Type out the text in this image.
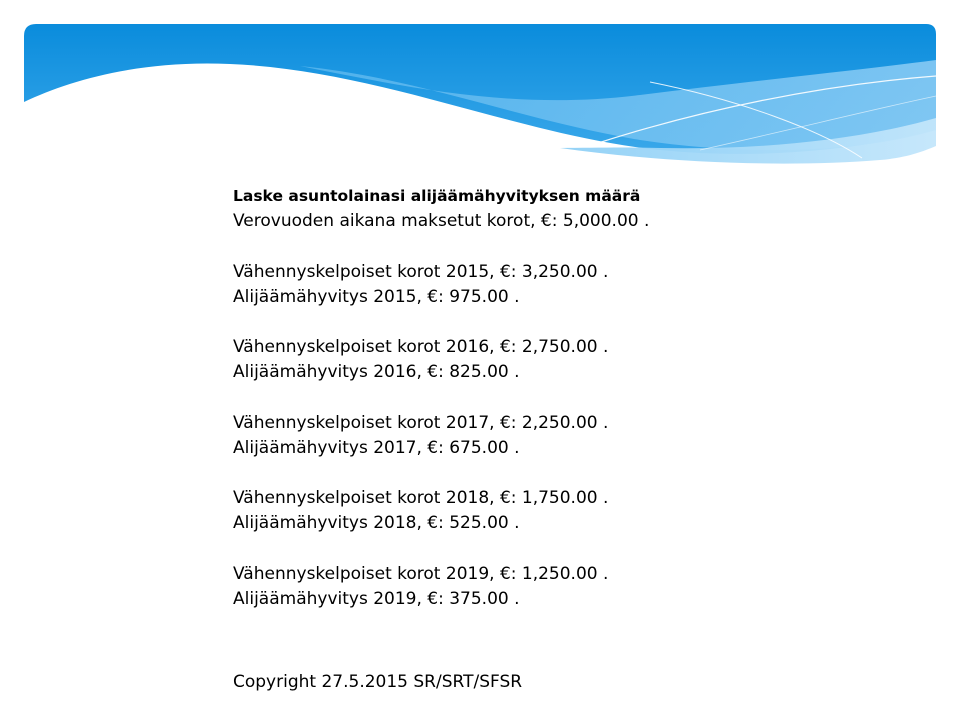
Laske asuntolainasi alijäämähyvityksen määrä
Verovuoden aikana maksetut korot, €: 5,000.00 .
Vähennyskelpoiset korot 2015, €: 3,250.00 .
Alijäämähyvitys 2015, €: 975.00 .
Vähennyskelpoiset korot 2016, €: 2,750.00 .
Alijäämähyvitys 2016, €: 825.00 .
Vähennyskelpoiset korot 2017, €: 2,250.00 .
Alijäämähyvitys 2017, €: 675.00 .
Vähennyskelpoiset korot 2018, €: 1,750.00 .
Alijäämähyvitys 2018, €: 525.00 .
Vähennyskelpoiset korot 2019, €: 1,250.00 .
Alijäämähyvitys 2019, €: 375.00 .
Copyright 27.5.2015 SR/SRT/SFSR
